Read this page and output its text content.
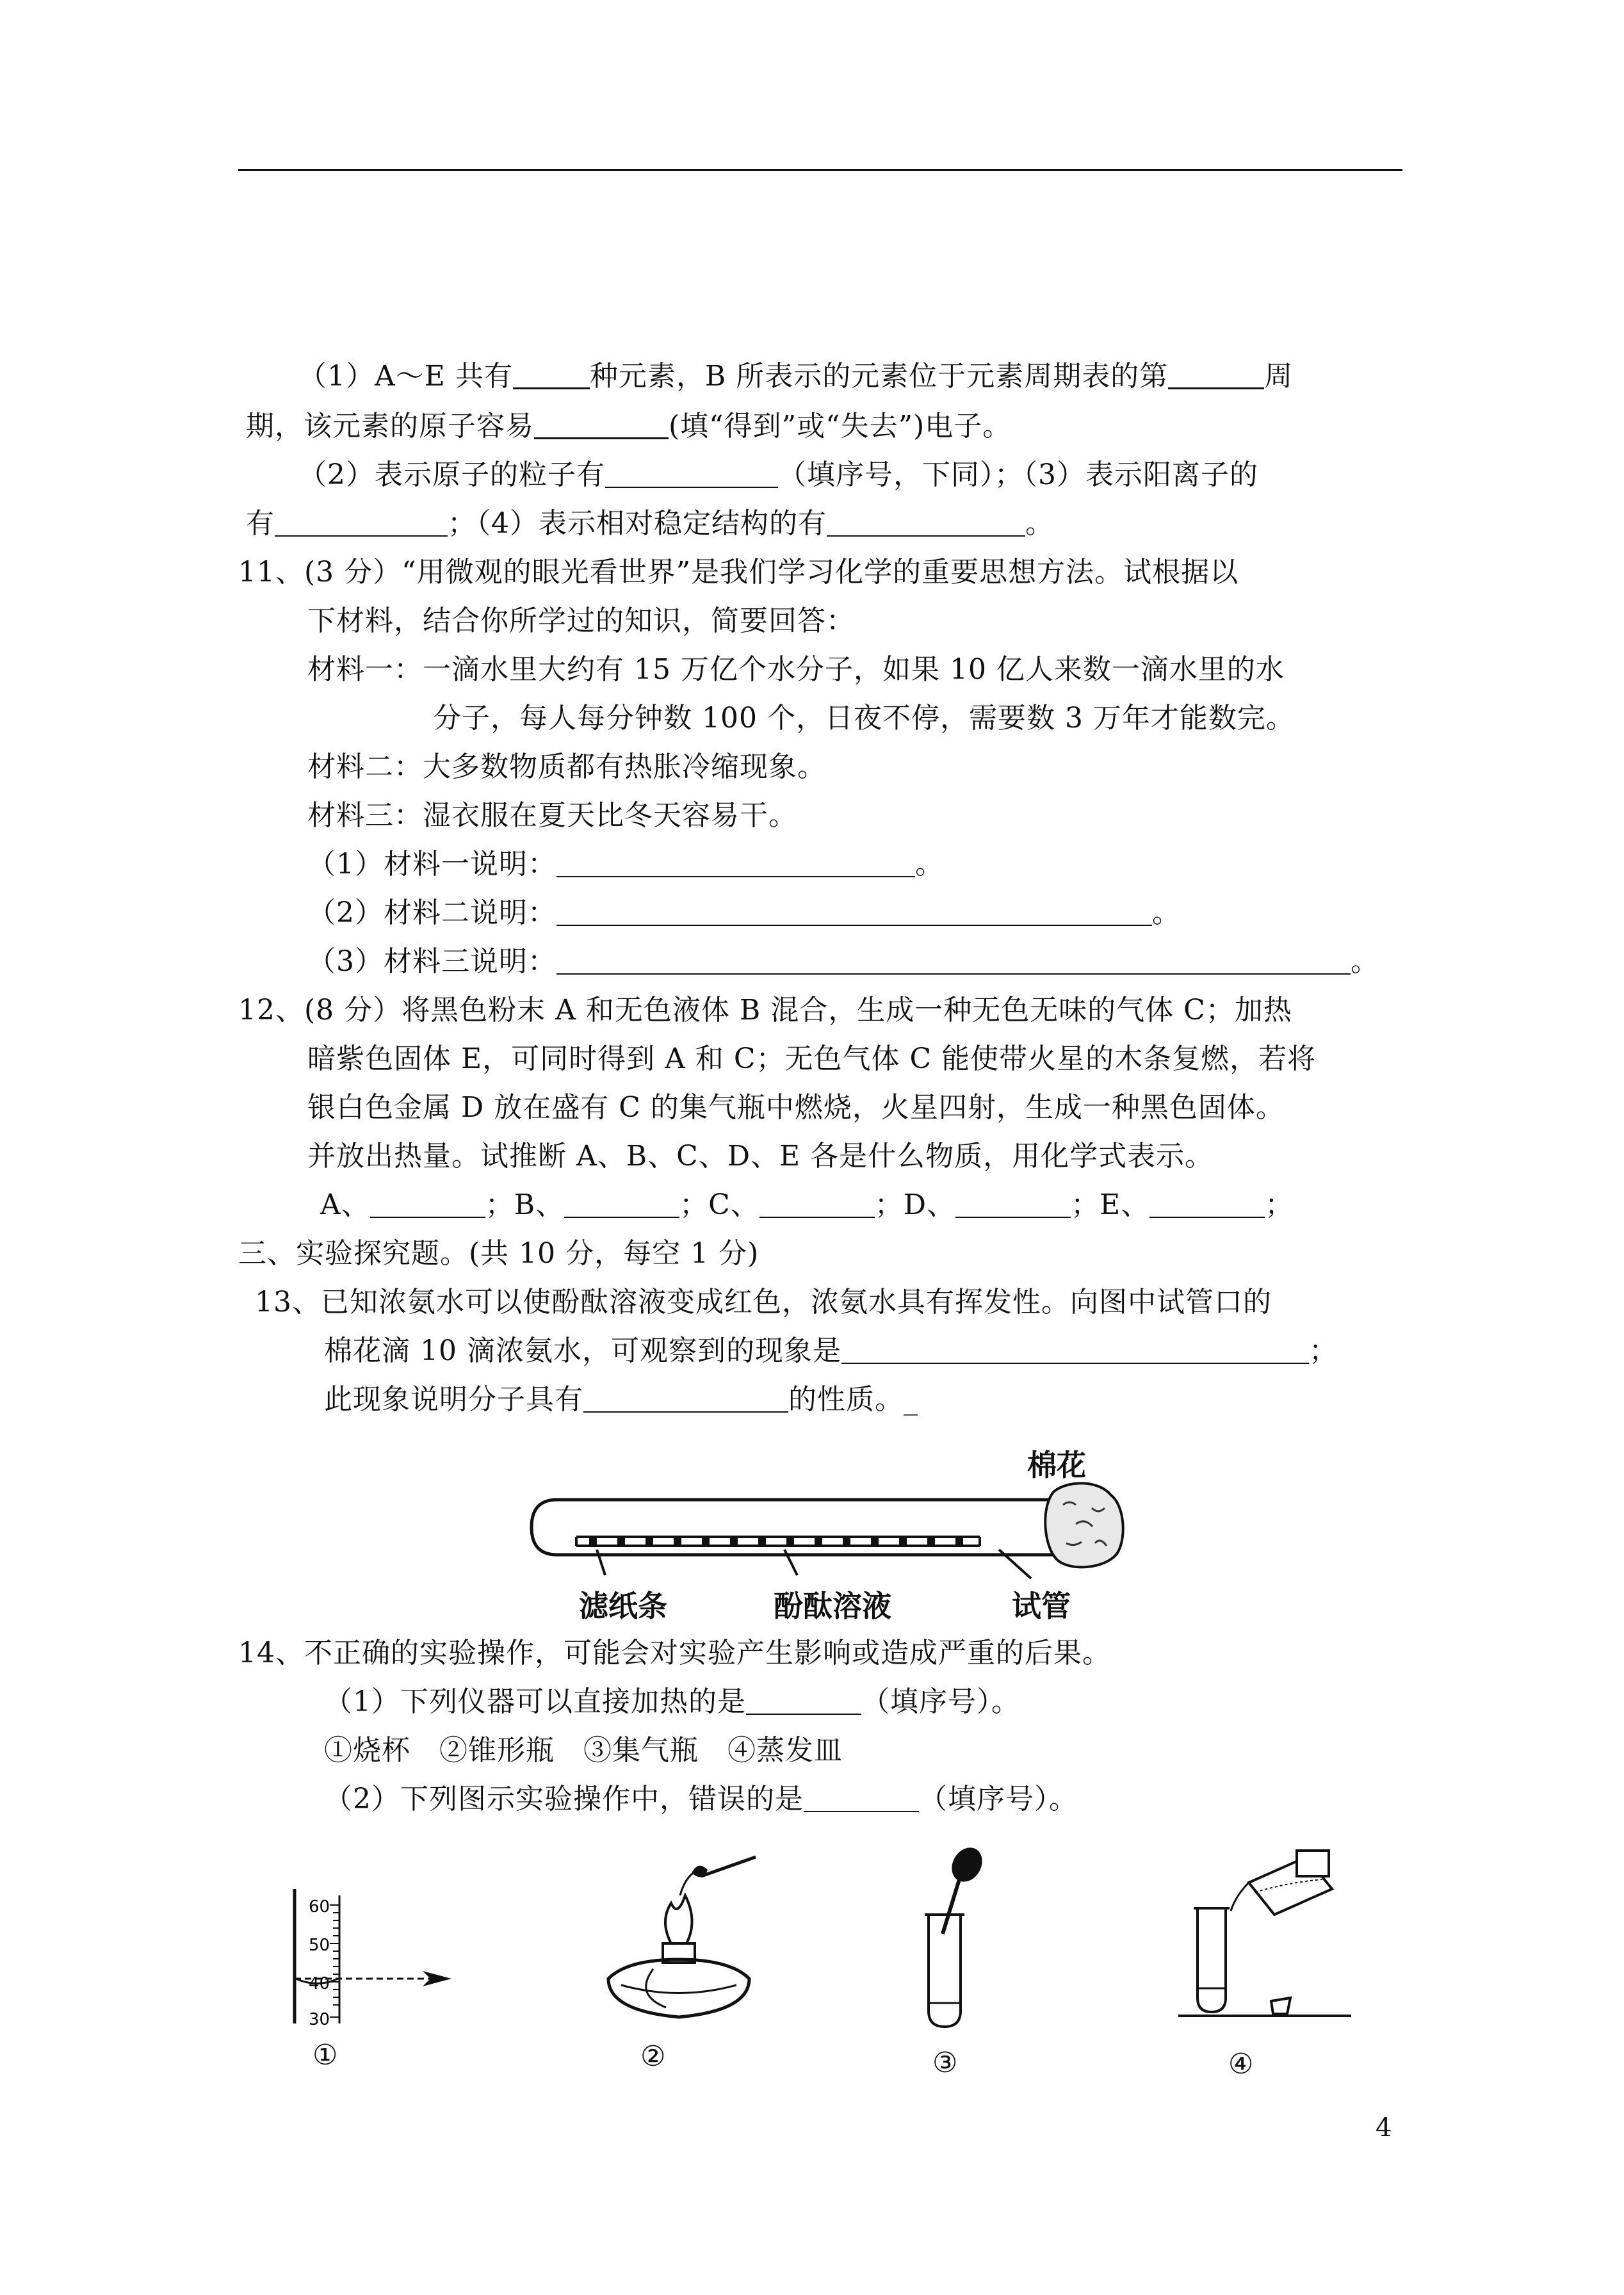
（1）A～E 共有	种元素，B 所表示的元素位于元素周期表的第	周
期，该元素的原子容易	(填“得到”或“失去”)电子。
（2）表示原子的粒子有	（填序号，下同）；（3）表示阳离子的
有	；（4）表示相对稳定结构的有	。
11、(3 分）“用微观的眼光看世界”是我们学习化学的重要思想方法。试根据以
下材料，结合你所学过的知识，简要回答：
材料一：一滴水里大约有 15 万亿个水分子，如果 10 亿人来数一滴水里的水
分子，每人每分钟数 100 个，日夜不停，需要数 3 万年才能数完。
材料二：大多数物质都有热胀冷缩现象。
材料三：湿衣服在夏天比冬天容易干。
（1）材料一说明：	。
（2）材料二说明：	。
（3）材料三说明：	。
12、(8 分）将黑色粉末 A 和无色液体 B 混合，生成一种无色无味的气体 C；加热
暗紫色固体 E，可同时得到 A 和 C；无色气体 C 能使带火星的木条复燃，若将
银白色金属 D 放在盛有 C 的集气瓶中燃烧，火星四射，生成一种黑色固体。
并放出热量。试推断 A、B、C、D、E 各是什么物质，用化学式表示。
A、	；B、	；C、	；D、	；E、	；
三、实验探究题。(共 10 分，每空 1 分)
13、已知浓氨水可以使酚酞溶液变成红色，浓氨水具有挥发性。向图中试管口的
棉花滴 10 滴浓氨水，可观察到的现象是	；
此现象说明分子具有	的性质。_
棉花
滤纸条	酚酞溶液	试管
14、不正确的实验操作，可能会对实验产生影响或造成严重的后果。
（1）下列仪器可以直接加热的是	（填序号）。
①烧杯　②锥形瓶　③集气瓶　④蒸发皿
（2）下列图示实验操作中，错误的是	（填序号）。
60
50
40
30
①	②	③	④
4
